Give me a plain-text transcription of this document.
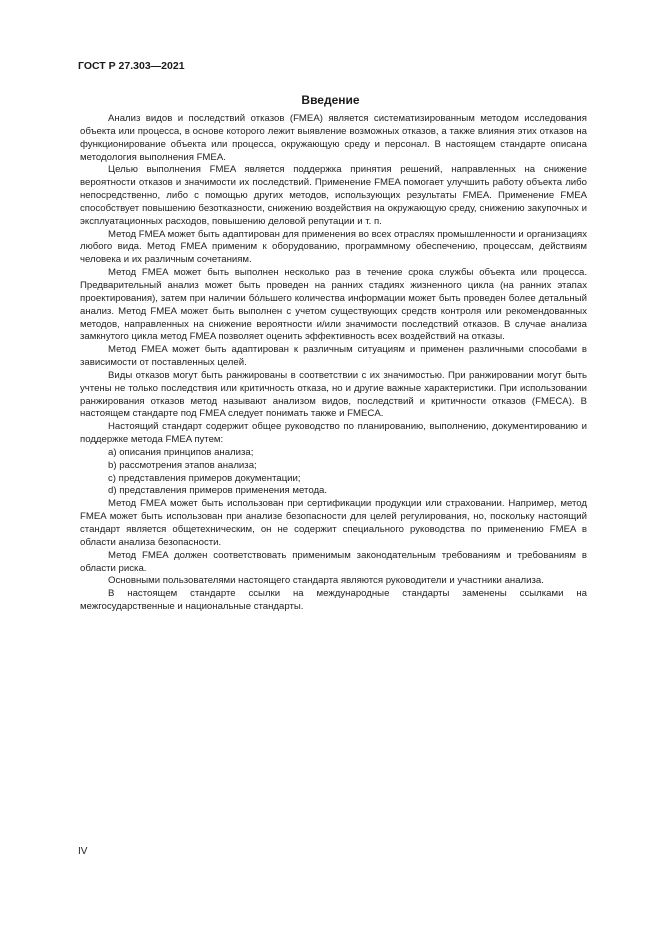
ГОСТ Р 27.303—2021
Введение

Анализ видов и последствий отказов (FMEA) является систематизированным методом исследования объекта или процесса, в основе которого лежит выявление возможных отказов, а также влияния этих отказов на функционирование объекта или процесса, окружающую среду и персонал. В настоящем стандарте описана методология выполнения FMEA.

Целью выполнения FMEA является поддержка принятия решений, направленных на снижение вероятности отказов и значимости их последствий. Применение FMEA помогает улучшить работу объекта либо непосредственно, либо с помощью других методов, использующих результаты FMEA. Применение FMEA способствует повышению безотказности, снижению воздействия на окружающую среду, снижению закупочных и эксплуатационных расходов, повышению деловой репутации и т. п.

Метод FMEA может быть адаптирован для применения во всех отраслях промышленности и организациях любого вида. Метод FMEA применим к оборудованию, программному обеспечению, процессам, действиям человека и их различным сочетаниям.

Метод FMEA может быть выполнен несколько раз в течение срока службы объекта или процесса. Предварительный анализ может быть проведен на ранних стадиях жизненного цикла (на ранних этапах проектирования), затем при наличии бо́льшего количества информации может быть проведен более детальный анализ. Метод FMEA может быть выполнен с учетом существующих средств контроля или рекомендованных методов, направленных на снижение вероятности и/или значимости последствий отказов. В случае анализа замкнутого цикла метод FMEA позволяет оценить эффективность всех воздействий на отказы.

Метод FMEA может быть адаптирован к различным ситуациям и применен различными способами в зависимости от поставленных целей.

Виды отказов могут быть ранжированы в соответствии с их значимостью. При ранжировании могут быть учтены не только последствия или критичность отказа, но и другие важные характеристики. При использовании ранжирования отказов метод называют анализом видов, последствий и критичности отказов (FMECA). В настоящем стандарте под FMEA следует понимать также и FMECA.

Настоящий стандарт содержит общее руководство по планированию, выполнению, документированию и поддержке метода FMEA путем:

a) описания принципов анализа;
b) рассмотрения этапов анализа;
c) представления примеров документации;
d) представления примеров применения метода.

Метод FMEA может быть использован при сертификации продукции или страховании. Например, метод FMEA может быть использован при анализе безопасности для целей регулирования, но, поскольку настоящий стандарт является общетехническим, он не содержит специального руководства по применению FMEA в области анализа безопасности.

Метод FMEA должен соответствовать применимым законодательным требованиям и требованиям в области риска.

Основными пользователями настоящего стандарта являются руководители и участники анализа.

В настоящем стандарте ссылки на международные стандарты заменены ссылками на межгосударственные и национальные стандарты.

IV
